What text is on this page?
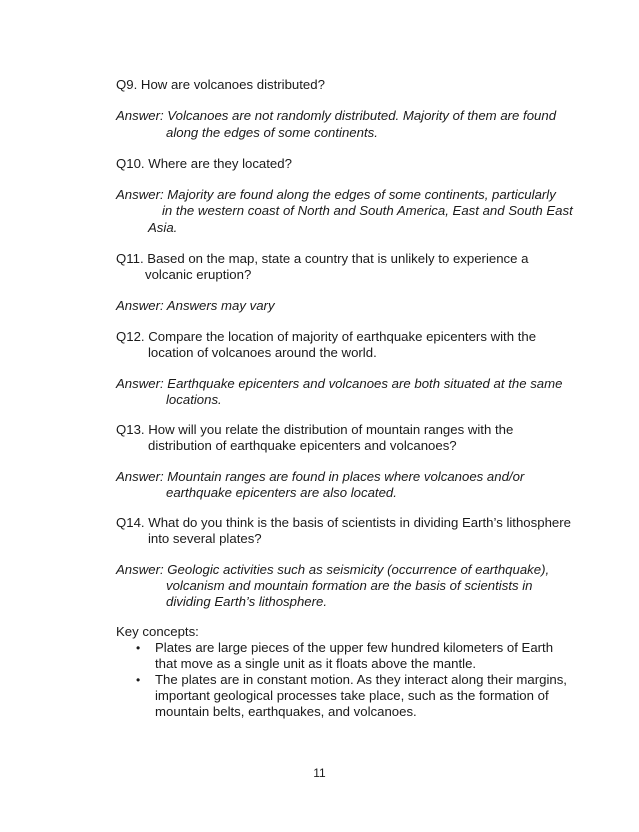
Q9. How are volcanoes distributed?
Answer: Volcanoes are not randomly distributed. Majority of them are found
along the edges of some continents.
Q10. Where are they located?
Answer: Majority are found along the edges of some continents, particularly
in the western coast of North and South America, East and South East
Asia.
Q11. Based on the map, state a country that is unlikely to experience a
volcanic eruption?
Answer: Answers may vary
Q12. Compare the location of majority of earthquake epicenters with the
location of volcanoes around the world.
Answer: Earthquake epicenters and volcanoes are both situated at the same
locations.
Q13. How will you relate the distribution of mountain ranges with the
distribution of earthquake epicenters and volcanoes?
Answer: Mountain ranges are found in places where volcanoes and/or
earthquake epicenters are also located.
Q14. What do you think is the basis of scientists in dividing Earth’s lithosphere
into several plates?
Answer: Geologic activities such as seismicity (occurrence of earthquake),
volcanism and mountain formation are the basis of scientists in
dividing Earth’s lithosphere.
Key concepts:
• Plates are large pieces of the upper few hundred kilometers of Earth
that move as a single unit as it floats above the mantle.
• The plates are in constant motion. As they interact along their margins,
important geological processes take place, such as the formation of
mountain belts, earthquakes, and volcanoes.
11
